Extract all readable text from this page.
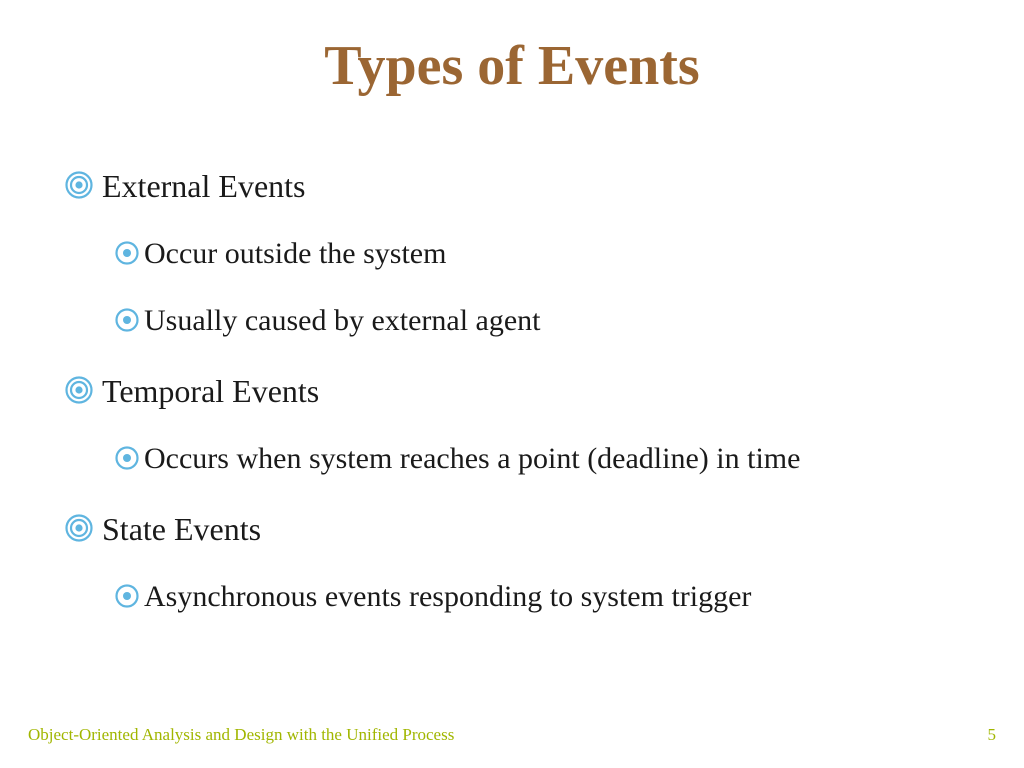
Types of Events
External Events
Occur outside the system
Usually caused by external agent
Temporal Events
Occurs when system reaches a point (deadline) in time
State Events
Asynchronous events responding to system trigger
Object-Oriented Analysis and Design with the Unified Process	5
